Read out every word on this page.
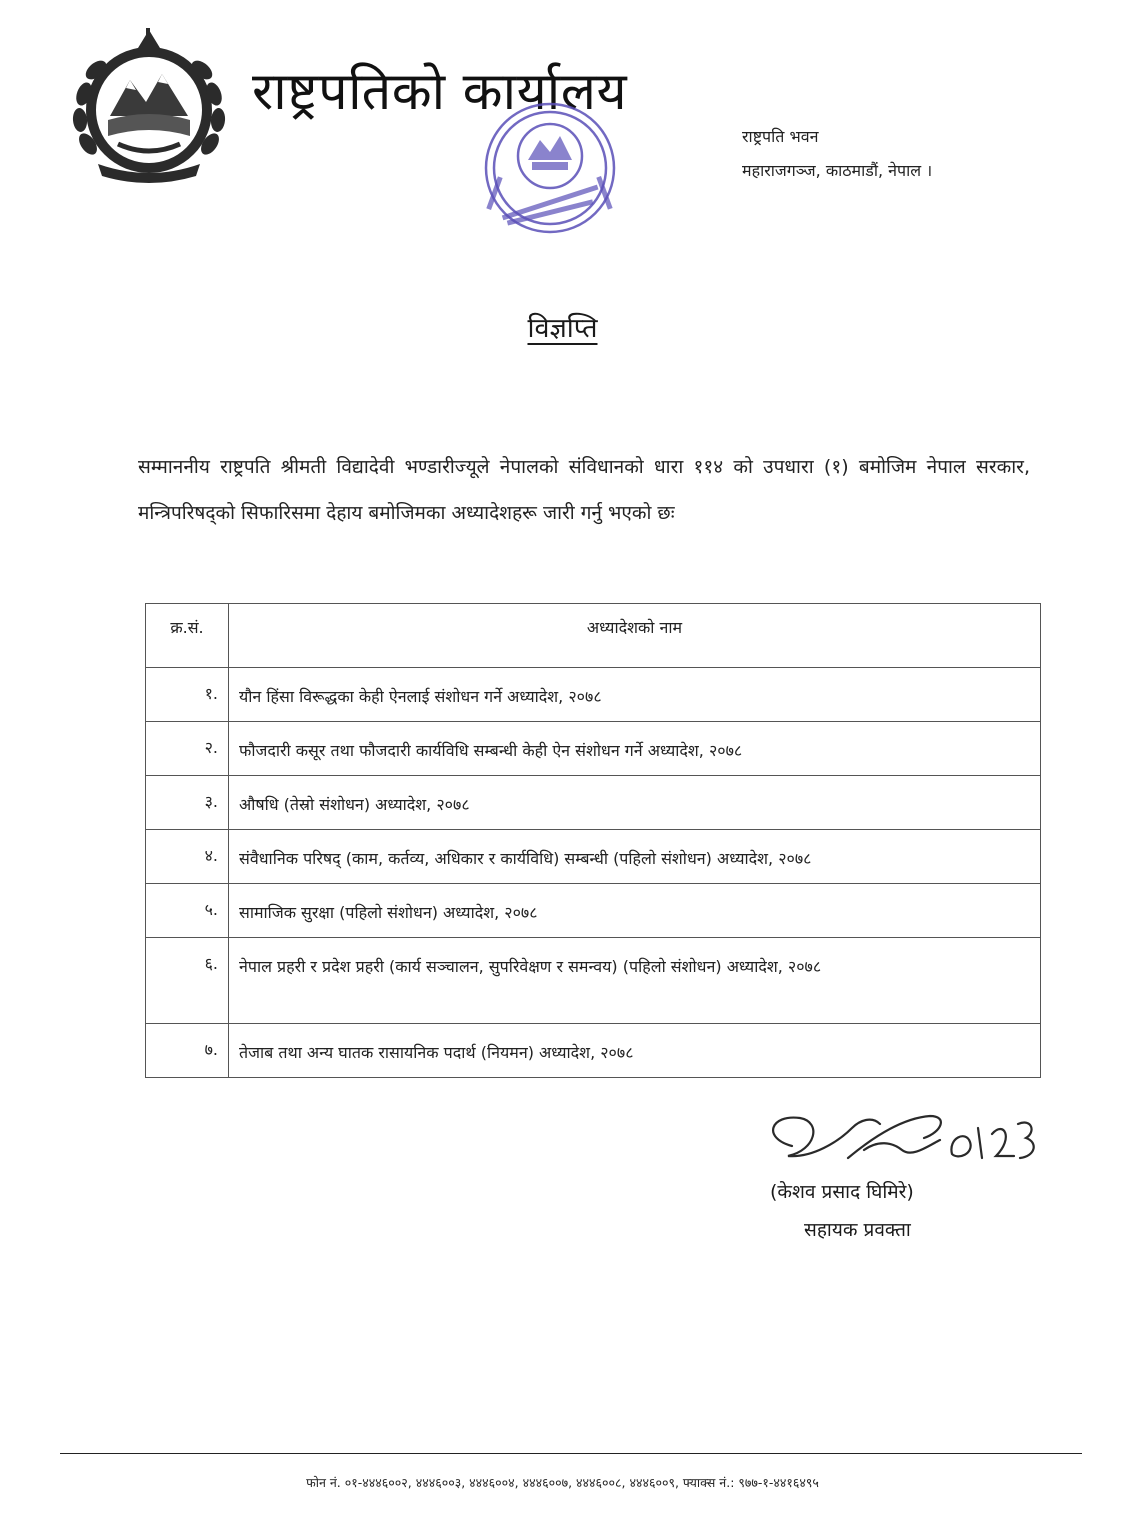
राष्ट्रपतिको कार्यालय
राष्ट्रपति भवन
महाराजगञ्ज, काठमाडौं, नेपाल ।
विज्ञप्ति

सम्माननीय राष्ट्रपति श्रीमती विद्यादेवी भण्डारीज्यूले नेपालको संविधानको धारा ११४ को उपधारा (१) बमोजिम नेपाल सरकार, मन्त्रिपरिषद्को सिफारिसमा देहाय बमोजिमका अध्यादेशहरू जारी गर्नु भएको छः

क्र.सं.	अध्यादेशको नाम
१.	यौन हिंसा विरूद्धका केही ऐनलाई संशोधन गर्ने अध्यादेश, २०७८
२.	फौजदारी कसूर तथा फौजदारी कार्यविधि सम्बन्धी केही ऐन संशोधन गर्ने अध्यादेश, २०७८
३.	औषधि (तेस्रो संशोधन) अध्यादेश, २०७८
४.	संवैधानिक परिषद् (काम, कर्तव्य, अधिकार र कार्यविधि) सम्बन्धी (पहिलो संशोधन) अध्यादेश, २०७८
५.	सामाजिक सुरक्षा (पहिलो संशोधन) अध्यादेश, २०७८
६.	नेपाल प्रहरी र प्रदेश प्रहरी (कार्य सञ्चालन, सुपरिवेक्षण र समन्वय) (पहिलो संशोधन) अध्यादेश, २०७८
७.	तेजाब तथा अन्य घातक रासायनिक पदार्थ (नियमन) अध्यादेश, २०७८
(केशव प्रसाद घिमिरे)
सहायक प्रवक्ता
फोन नं. ०१-४४४६००२, ४४४६००३, ४४४६००४, ४४४६००७, ४४४६००८, ४४४६००९, फ्याक्स नं.: ९७७-१-४४१६४९५
